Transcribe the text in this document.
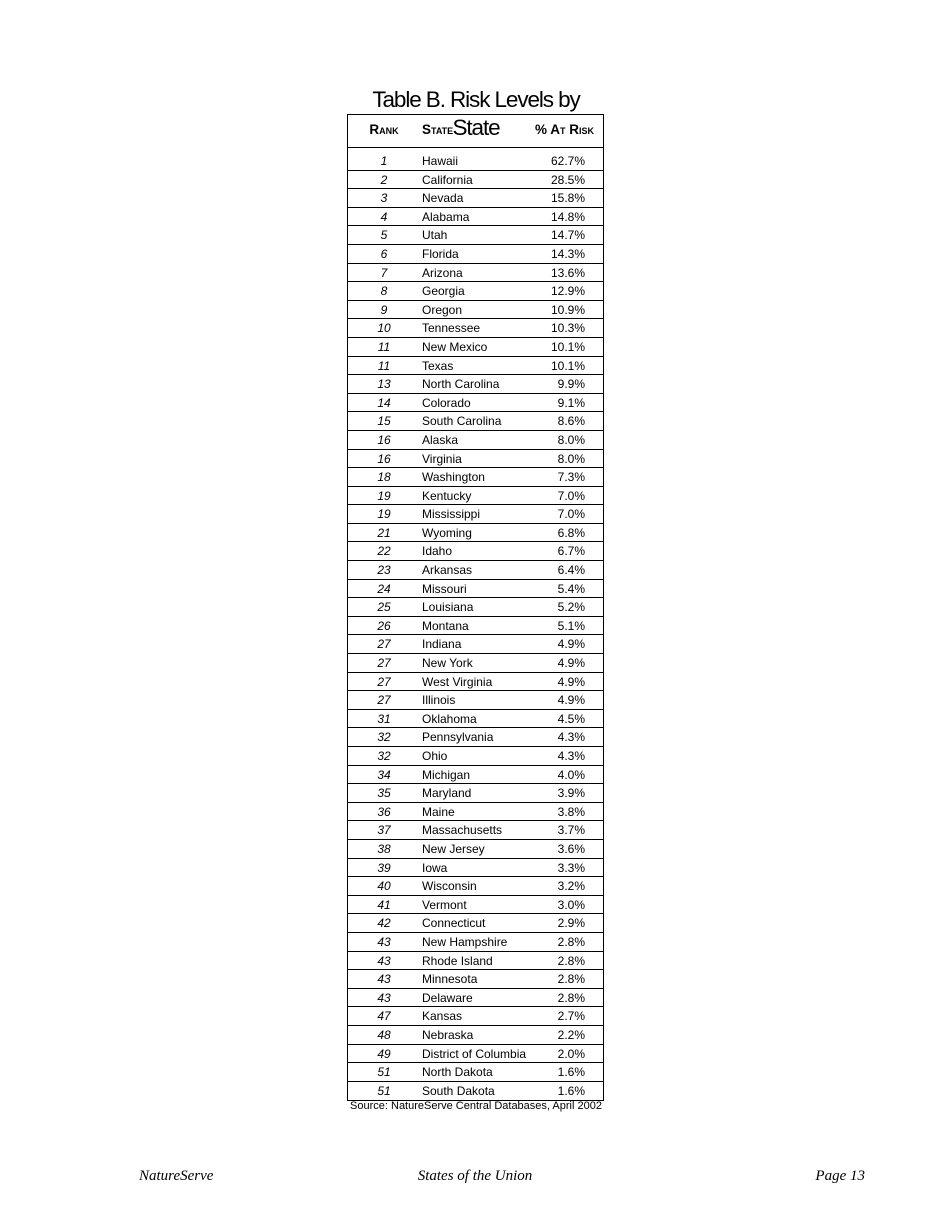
Table B. Risk Levels by State
Rank	State	% At Risk
1	Hawaii	62.7%
2	California	28.5%
3	Nevada	15.8%
4	Alabama	14.8%
5	Utah	14.7%
6	Florida	14.3%
7	Arizona	13.6%
8	Georgia	12.9%
9	Oregon	10.9%
10	Tennessee	10.3%
11	New Mexico	10.1%
11	Texas	10.1%
13	North Carolina	9.9%
14	Colorado	9.1%
15	South Carolina	8.6%
16	Alaska	8.0%
16	Virginia	8.0%
18	Washington	7.3%
19	Kentucky	7.0%
19	Mississippi	7.0%
21	Wyoming	6.8%
22	Idaho	6.7%
23	Arkansas	6.4%
24	Missouri	5.4%
25	Louisiana	5.2%
26	Montana	5.1%
27	Indiana	4.9%
27	New York	4.9%
27	West Virginia	4.9%
27	Illinois	4.9%
31	Oklahoma	4.5%
32	Pennsylvania	4.3%
32	Ohio	4.3%
34	Michigan	4.0%
35	Maryland	3.9%
36	Maine	3.8%
37	Massachusetts	3.7%
38	New Jersey	3.6%
39	Iowa	3.3%
40	Wisconsin	3.2%
41	Vermont	3.0%
42	Connecticut	2.9%
43	New Hampshire	2.8%
43	Rhode Island	2.8%
43	Minnesota	2.8%
43	Delaware	2.8%
47	Kansas	2.7%
48	Nebraska	2.2%
49	District of Columbia	2.0%
51	North Dakota	1.6%
51	South Dakota	1.6%
Source: NatureServe Central Databases, April 2002
NatureServe	States of the Union	Page 13
